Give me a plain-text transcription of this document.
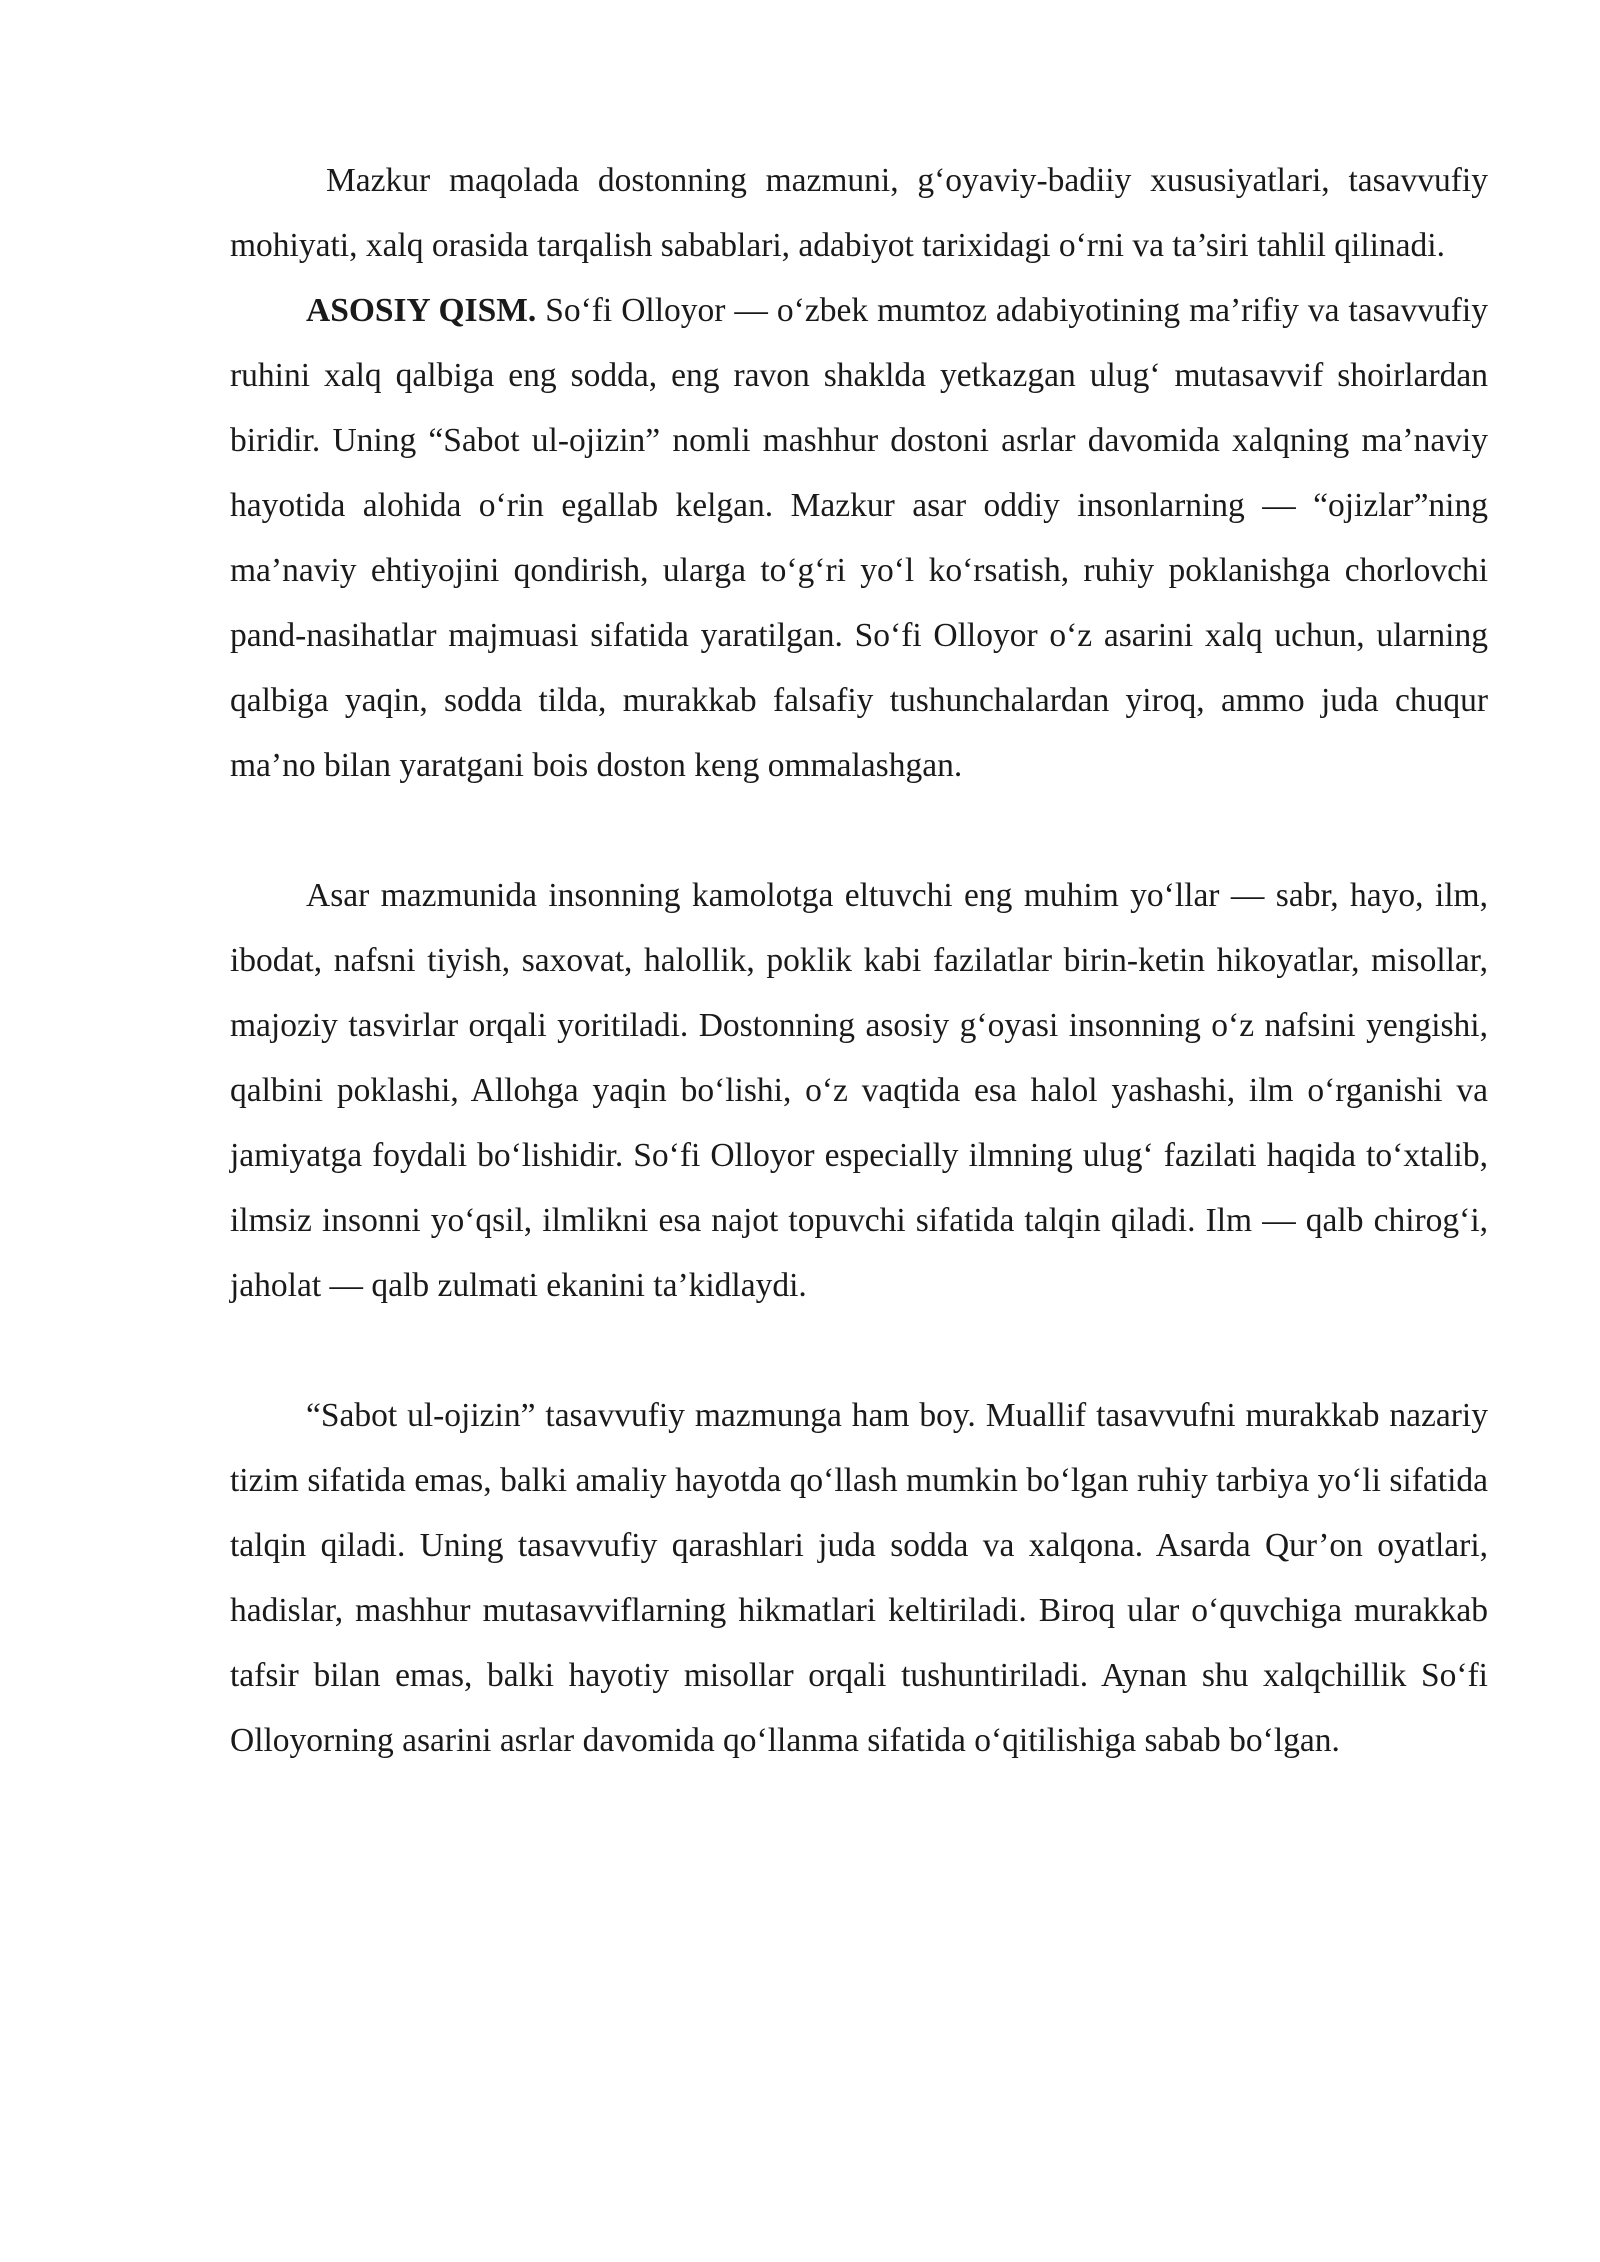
Mazkur maqolada dostonning mazmuni, g‘oyaviy-badiiy xususiyatlari, tasavvufiy mohiyati, xalq orasida tarqalish sabablari, adabiyot tarixidagi o‘rni va ta’siri tahlil qilinadi.

ASOSIY QISM. So‘fi Olloyor — o‘zbek mumtoz adabiyotining ma’rifiy va tasavvufiy ruhini xalq qalbiga eng sodda, eng ravon shaklda yetkazgan ulug‘ mutasavvif shoirlardan biridir. Uning “Sabot ul-ojizin” nomli mashhur dostoni asrlar davomida xalqning ma’naviy hayotida alohida o‘rin egallab kelgan. Mazkur asar oddiy insonlarning — “ojizlar”ning ma’naviy ehtiyojini qondirish, ularga to‘g‘ri yo‘l ko‘rsatish, ruhiy poklanishga chorlovchi pand-nasihatlar majmuasi sifatida yaratilgan. So‘fi Olloyor o‘z asarini xalq uchun, ularning qalbiga yaqin, sodda tilda, murakkab falsafiy tushunchalardan yiroq, ammo juda chuqur ma’no bilan yaratgani bois doston keng ommalashgan.

Asar mazmunida insonning kamolotga eltuvchi eng muhim yo‘llar — sabr, hayo, ilm, ibodat, nafsni tiyish, saxovat, halollik, poklik kabi fazilatlar birin-ketin hikoyatlar, misollar, majoziy tasvirlar orqali yoritiladi. Dostonning asosiy g‘oyasi insonning o‘z nafsini yengishi, qalbini poklashi, Allohga yaqin bo‘lishi, o‘z vaqtida esa halol yashashi, ilm o‘rganishi va jamiyatga foydali bo‘lishidir. So‘fi Olloyor especially ilmning ulug‘ fazilati haqida to‘xtalib, ilmsiz insonni yo‘qsil, ilmlikni esa najot topuvchi sifatida talqin qiladi. Ilm — qalb chirog‘i, jaholat — qalb zulmati ekanini ta’kidlaydi.

“Sabot ul-ojizin” tasavvufiy mazmunga ham boy. Muallif tasavvufni murakkab nazariy tizim sifatida emas, balki amaliy hayotda qo‘llash mumkin bo‘lgan ruhiy tarbiya yo‘li sifatida talqin qiladi. Uning tasavvufiy qarashlari juda sodda va xalqona. Asarda Qur’on oyatlari, hadislar, mashhur mutasavviflarning hikmatlari keltiriladi. Biroq ular o‘quvchiga murakkab tafsir bilan emas, balki hayotiy misollar orqali tushuntiriladi. Aynan shu xalqchillik So‘fi Olloyorning asarini asrlar davomida qo‘llanma sifatida o‘qitilishiga sabab bo‘lgan.
